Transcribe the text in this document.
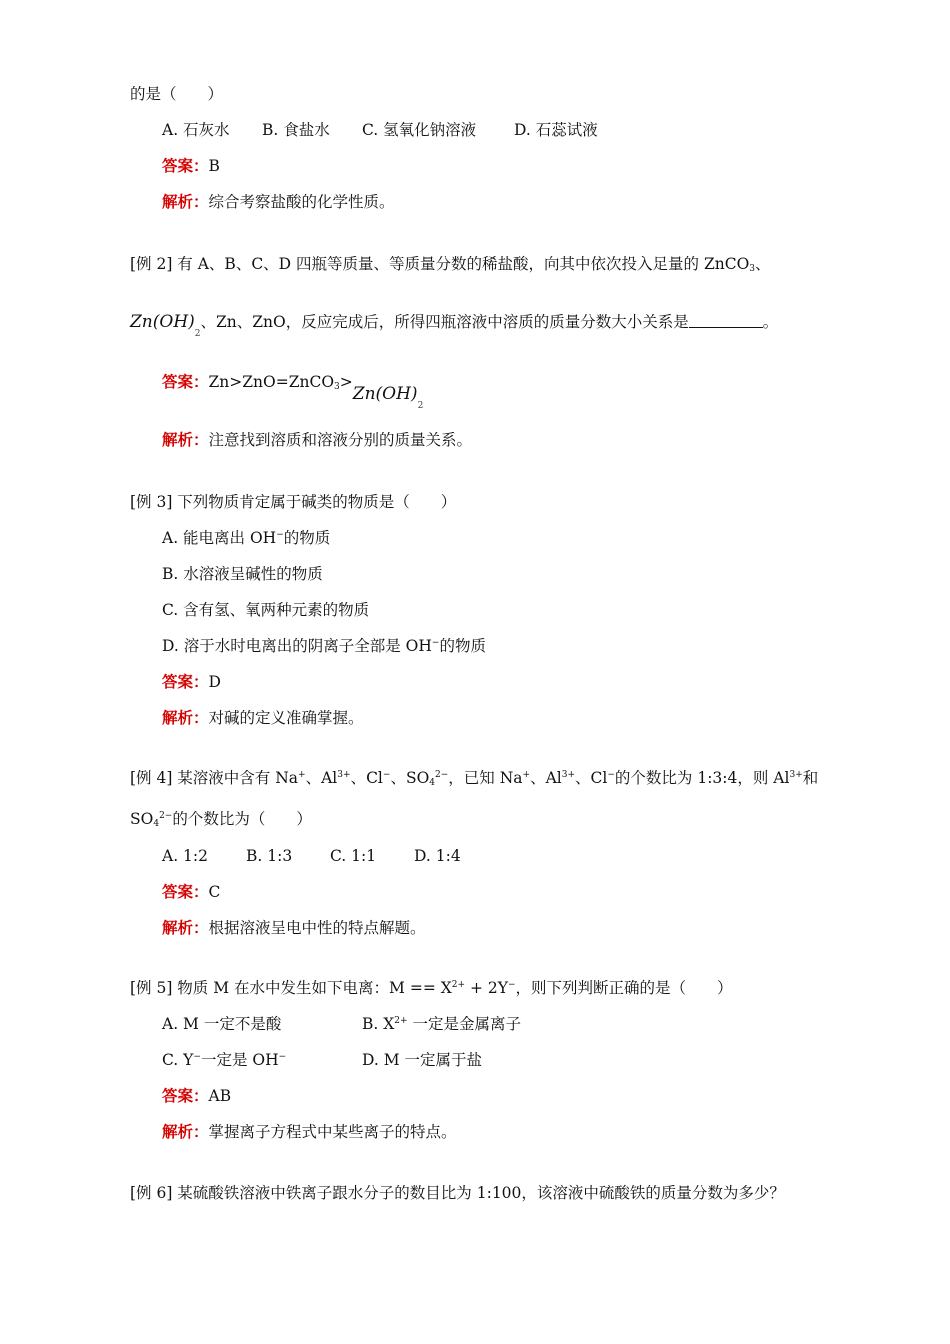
的是（　　）
A. 石灰水 B. 食盐水 C. 氢氧化钠溶液 D. 石蕊试液
答案：B
解析：综合考察盐酸的化学性质。
[例 2] 有 A、B、C、D 四瓶等质量、等质量分数的稀盐酸，向其中依次投入足量的 ZnCO$_3$、
$Zn(OH)_2$、Zn、ZnO，反应完成后，所得四瓶溶液中溶质的质量分数大小关系是	。
答案：$Zn>ZnO=ZnCO_3>Zn(OH)_2$
解析：注意找到溶质和溶液分别的质量关系。
[例 3] 下列物质肯定属于碱类的物质是（　　）
A. 能电离出 OH−的物质
B. 水溶液呈碱性的物质
C. 含有氢、氧两种元素的物质
D. 溶于水时电离出的阴离子全部是 OH−的物质
答案：D
解析：对碱的定义准确掌握。
[例 4] 某溶液中含有 Na+、$Al^{3+}$、Cl−、$SO_4^{2-}$，已知 Na+、$Al^{3+}$、Cl−的个数比为 1:3:4，则 $Al^{3+}$和
$SO_4^{2-}$的个数比为（　　）
A. 1:2 B. 1:3 C. 1:1 D. 1:4
答案：C
解析：根据溶液呈电中性的特点解题。
[例 5] 物质 M 在水中发生如下电离：$M == X^{2+} + 2Y^-$，则下列判断正确的是（　　）
A. M 一定不是酸	B. $X^{2+}$ 一定是金属离子
C. Y−一定是 OH−	D. M 一定属于盐
答案：AB
解析：掌握离子方程式中某些离子的特点。
[例 6] 某硫酸铁溶液中铁离子跟水分子的数目比为 1:100，该溶液中硫酸铁的质量分数为多少？
